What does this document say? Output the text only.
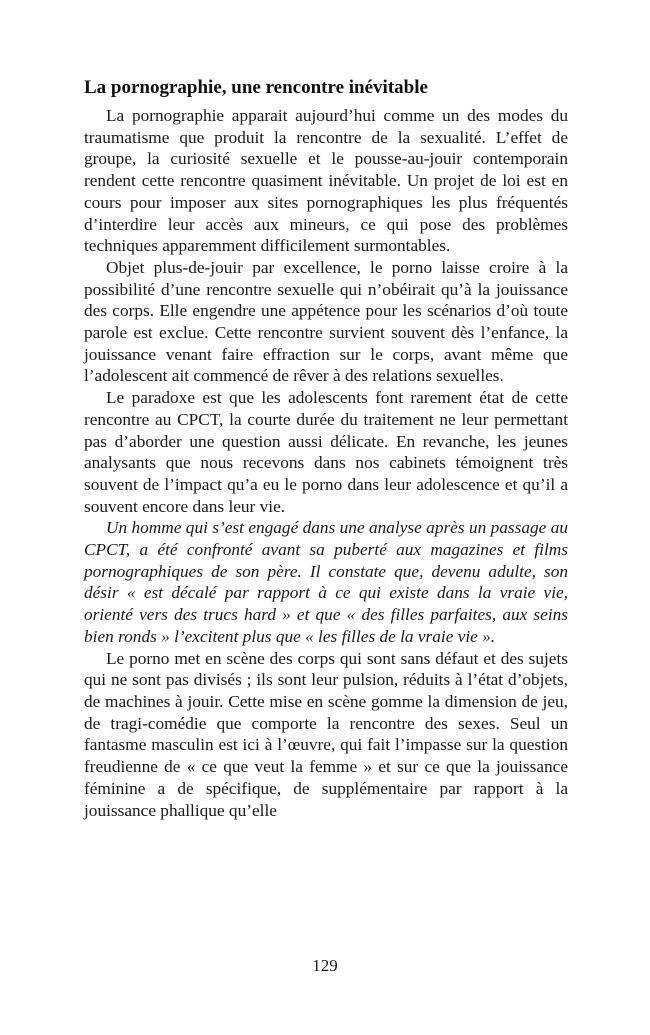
La pornographie, une rencontre inévitable

La pornographie apparait aujourd’hui comme un des modes du traumatisme que produit la rencontre de la sexualité. L’effet de groupe, la curiosité sexuelle et le pousse-au-jouir contemporain rendent cette rencontre quasiment inévitable. Un projet de loi est en cours pour imposer aux sites pornographiques les plus fréquentés d’interdire leur accès aux mineurs, ce qui pose des problèmes techniques apparemment difficilement surmontables.

Objet plus-de-jouir par excellence, le porno laisse croire à la possibilité d’une rencontre sexuelle qui n’obéirait qu’à la jouissance des corps. Elle engendre une appétence pour les scénarios d’où toute parole est exclue. Cette rencontre survient souvent dès l’enfance, la jouissance venant faire effraction sur le corps, avant même que l’adolescent ait commencé de rêver à des relations sexuelles.

Le paradoxe est que les adolescents font rarement état de cette rencontre au CPCT, la courte durée du traitement ne leur permettant pas d’aborder une question aussi délicate. En revanche, les jeunes analysants que nous recevons dans nos cabinets témoignent très souvent de l’impact qu’a eu le porno dans leur adolescence et qu’il a souvent encore dans leur vie.

Un homme qui s’est engagé dans une analyse après un passage au CPCT, a été confronté avant sa puberté aux magazines et films pornographiques de son père. Il constate que, devenu adulte, son désir « est décalé par rapport à ce qui existe dans la vraie vie, orienté vers des trucs hard » et que « des filles parfaites, aux seins bien ronds » l’excitent plus que « les filles de la vraie vie ».

Le porno met en scène des corps qui sont sans défaut et des sujets qui ne sont pas divisés ; ils sont leur pulsion, réduits à l’état d’objets, de machines à jouir. Cette mise en scène gomme la dimension de jeu, de tragi-comédie que comporte la rencontre des sexes. Seul un fantasme masculin est ici à l’œuvre, qui fait l’impasse sur la question freudienne de « ce que veut la femme » et sur ce que la jouissance féminine a de spécifique, de supplémentaire par rapport à la jouissance phallique qu’elle

129
